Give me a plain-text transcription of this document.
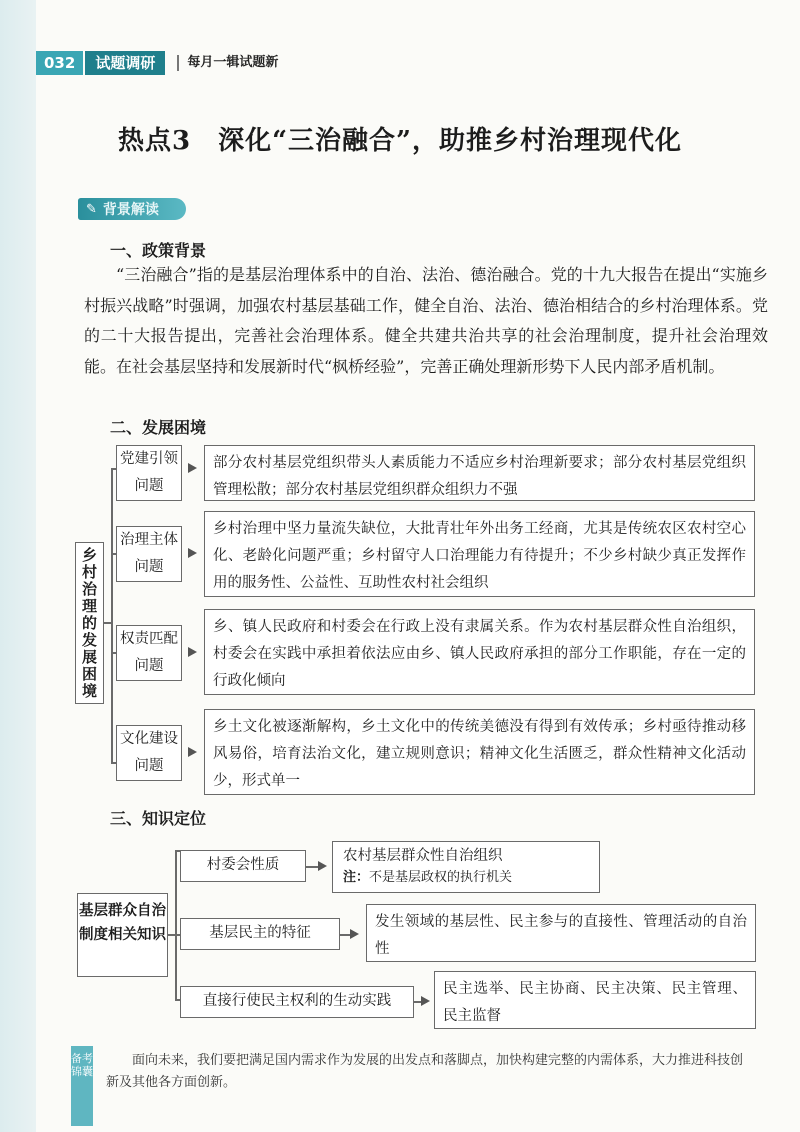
032	试题调研	每月一辑试题新
热点3　深化“三治融合”，助推乡村治理现代化
✎ 背景解读
一、政策背景
“三治融合”指的是基层治理体系中的自治、法治、德治融合。党的十九大报告在提出“实施乡村振兴战略”时强调，加强农村基层基础工作，健全自治、法治、德治相结合的乡村治理体系。党的二十大报告提出，完善社会治理体系。健全共建共治共享的社会治理制度，提升社会治理效能。在社会基层坚持和发展新时代“枫桥经验”，完善正确处理新形势下人民内部矛盾机制。
二、发展困境
乡村治理的发展困境
党建引领问题
部分农村基层党组织带头人素质能力不适应乡村治理新要求；部分农村基层党组织管理松散；部分农村基层党组织群众组织力不强
治理主体问题
乡村治理中坚力量流失缺位，大批青壮年外出务工经商，尤其是传统农区农村空心化、老龄化问题严重；乡村留守人口治理能力有待提升；不少乡村缺少真正发挥作用的服务性、公益性、互助性农村社会组织
权责匹配问题
乡、镇人民政府和村委会在行政上没有隶属关系。作为农村基层群众性自治组织，村委会在实践中承担着依法应由乡、镇人民政府承担的部分工作职能，存在一定的行政化倾向
文化建设问题
乡土文化被逐渐解构，乡土文化中的传统美德没有得到有效传承；乡村亟待推动移风易俗，培育法治文化，建立规则意识；精神文化生活匮乏，群众性精神文化活动少，形式单一
三、知识定位
基层群众自治制度相关知识
村委会性质
农村基层群众性自治组织
注：不是基层政权的执行机关
基层民主的特征
发生领域的基层性、民主参与的直接性、管理活动的自治性
直接行使民主权利的生动实践
民主选举、民主协商、民主决策、民主管理、民主监督
备考锦囊
面向未来，我们要把满足国内需求作为发展的出发点和落脚点，加快构建完整的内需体系，大力推进科技创新及其他各方面创新。
